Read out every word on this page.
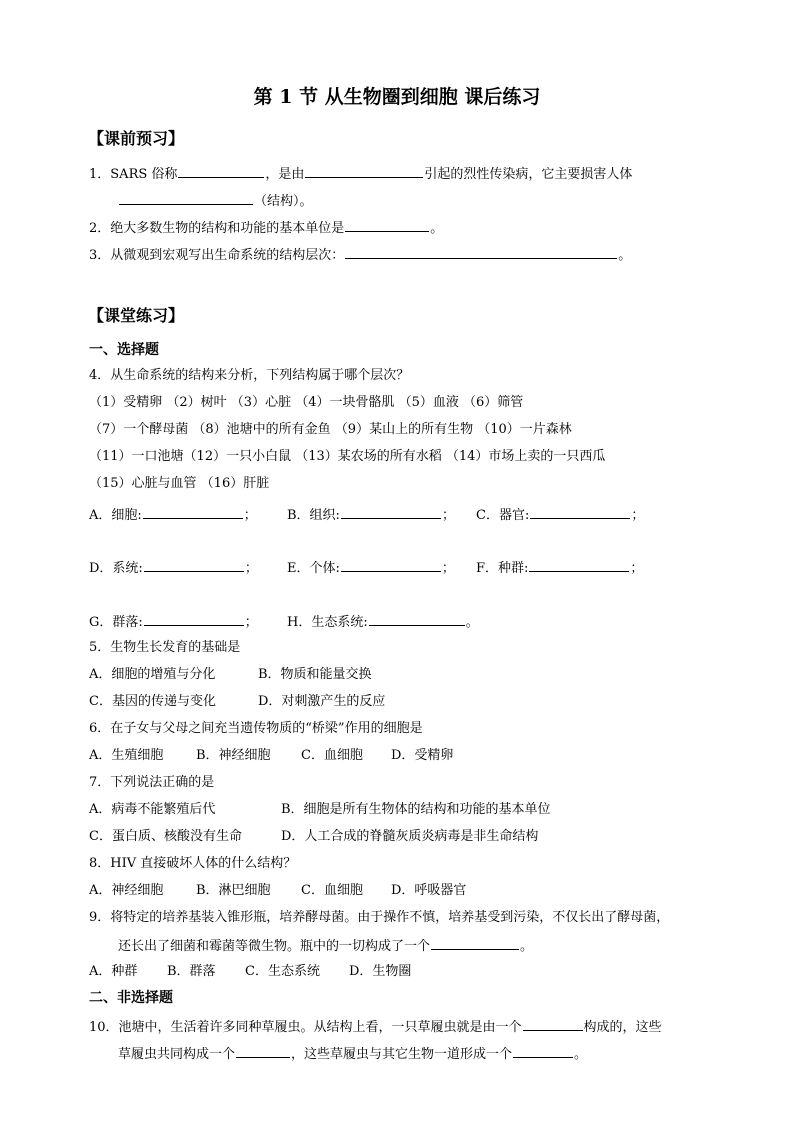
第 1 节 从生物圈到细胞 课后练习
【课前预习】
1．SARS 俗称	，是由	引起的烈性传染病，它主要损害人体
（结构）。
2．绝大多数生物的结构和功能的基本单位是	。
3．从微观到宏观写出生命系统的结构层次：	。
【课堂练习】
一、选择题
4．从生命系统的结构来分析，下列结构属于哪个层次？
（1）受精卵 （2）树叶 （3）心脏 （4）一块骨骼肌 （5）血液 （6）筛管
（7）一个酵母菌 （8）池塘中的所有金鱼 （9）某山上的所有生物 （10）一片森林
（11）一口池塘（12）一只小白鼠 （13）某农场的所有水稻 （14）市场上卖的一只西瓜
（15）心脏与血管 （16）肝脏
A．细胞:	； B．组织:	； C．器官:	；
D．系统:	； E．个体:	； F．种群:	；
G．群落:	； H．生态系统:	。
5．生物生长发育的基础是
A．细胞的增殖与分化	B．物质和能量交换
C．基因的传递与变化	D．对刺激产生的反应
6．在子女与父母之间充当遗传物质的“桥梁”作用的细胞是
A．生殖细胞	B．神经细胞 C．血细胞 D．受精卵
7．下列说法正确的是
A．病毒不能繁殖后代	B．细胞是所有生物体的结构和功能的基本单位
C．蛋白质、核酸没有生命	D．人工合成的脊髓灰质炎病毒是非生命结构
8．HIV 直接破坏人体的什么结构？
A．神经细胞	B．淋巴细胞 C．血细胞 D．呼吸器官
9．将特定的培养基装入锥形瓶，培养酵母菌。由于操作不慎，培养基受到污染，不仅长出了酵母菌，
还长出了细菌和霉菌等微生物。瓶中的一切构成了一个	。
A．种群 B．群落 C．生态系统 D．生物圈
二、非选择题
10．池塘中，生活着许多同种草履虫。从结构上看，一只草履虫就是由一个	构成的，这些
草履虫共同构成一个	，这些草履虫与其它生物一道形成一个	。
